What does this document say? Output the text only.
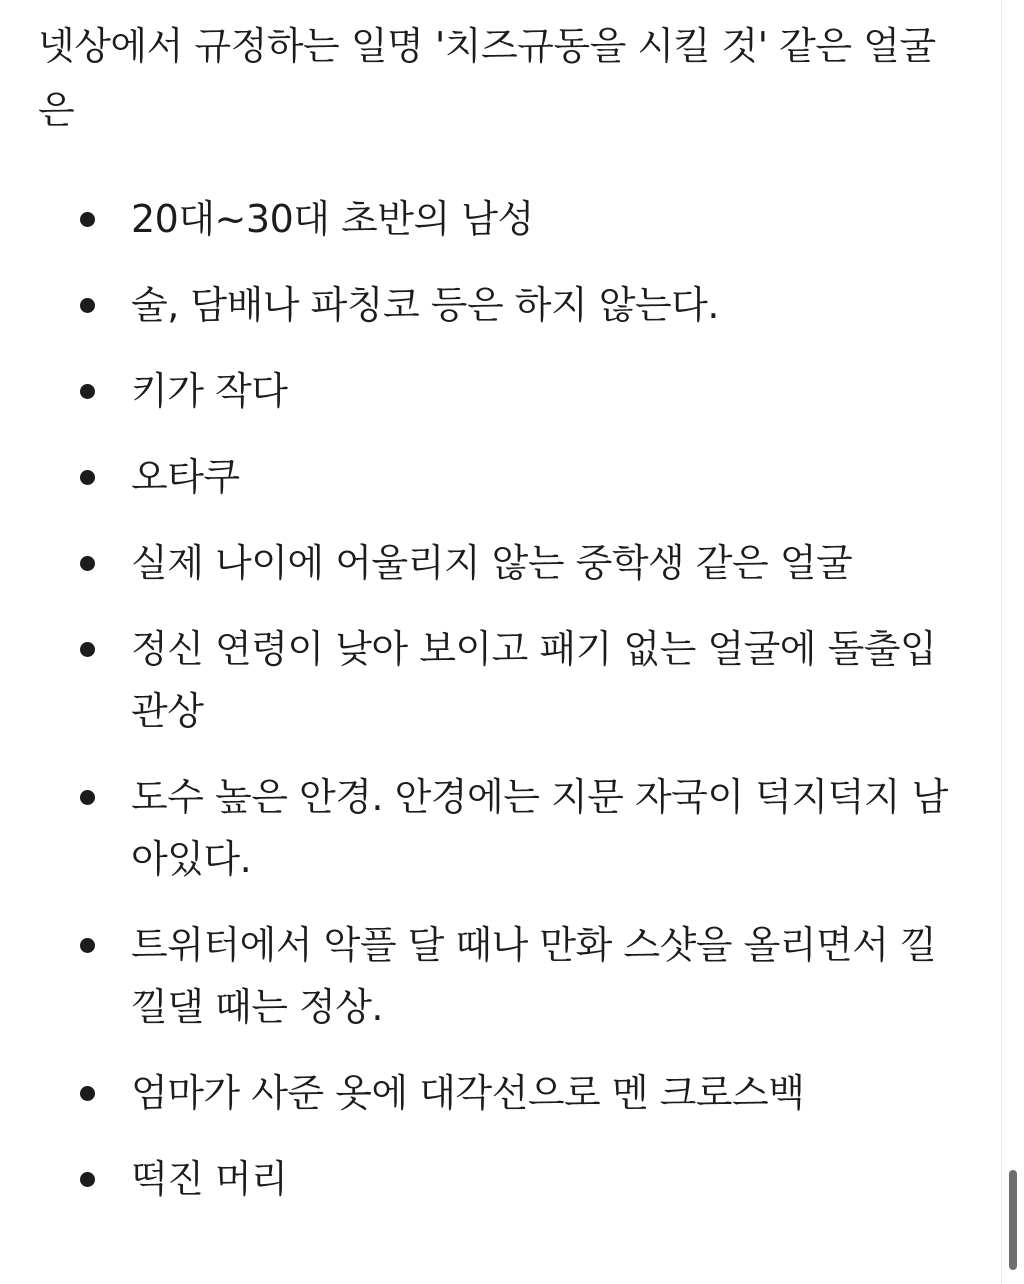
넷상에서 규정하는 일명 '치즈규동을 시킬 것' 같은 얼굴은

20대~30대 초반의 남성
술, 담배나 파칭코 등은 하지 않는다.
키가 작다
오타쿠
실제 나이에 어울리지 않는 중학생 같은 얼굴
정신 연령이 낮아 보이고 패기 없는 얼굴에 돌출입 관상
도수 높은 안경. 안경에는 지문 자국이 덕지덕지 남아있다.
트위터에서 악플 달 때나 만화 스샷을 올리면서 낄낄댈 때는 정상.
엄마가 사준 옷에 대각선으로 멘 크로스백
떡진 머리
